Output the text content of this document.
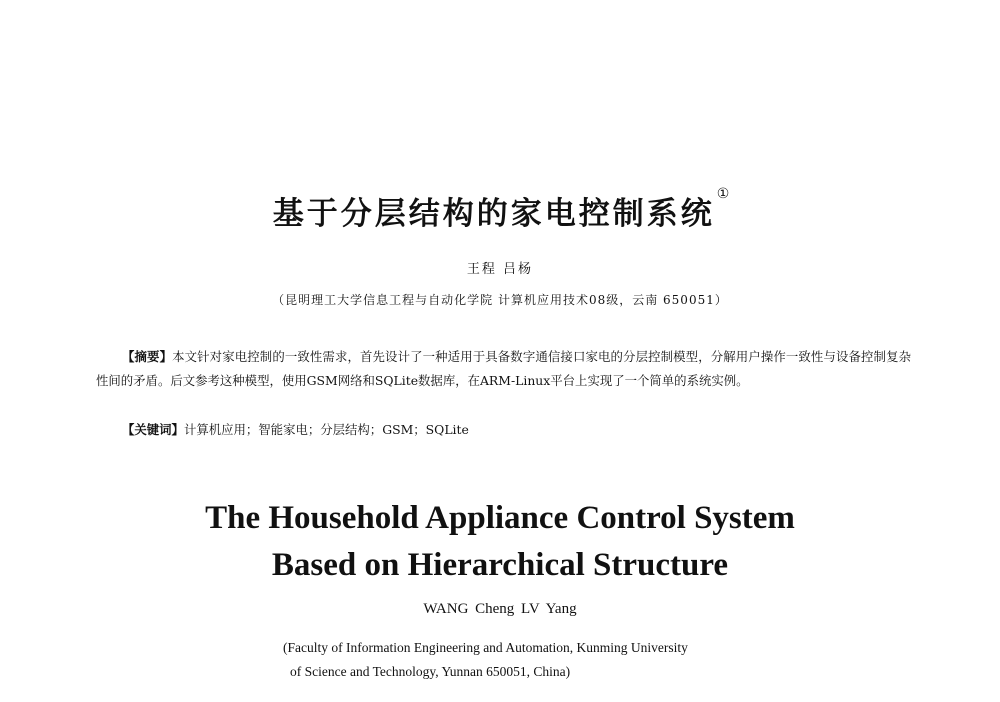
基于分层结构的家电控制系统①
王程 吕杨
（昆明理工大学信息工程与自动化学院 计算机应用技术08级，云南 650051）
【摘要】本文针对家电控制的一致性需求，首先设计了一种适用于具备数字通信接口家电的分层控制模型，分解用户操作一致性与设备控制复杂性间的矛盾。后文参考这种模型，使用GSM网络和SQLite数据库，在ARM-Linux平台上实现了一个简单的系统实例。
【关键词】计算机应用；智能家电；分层结构；GSM；SQLite
The Household Appliance Control System
Based on Hierarchical Structure
WANG Cheng LV Yang
(Faculty of Information Engineering and Automation, Kunming University
of Science and Technology, Yunnan 650051, China)
